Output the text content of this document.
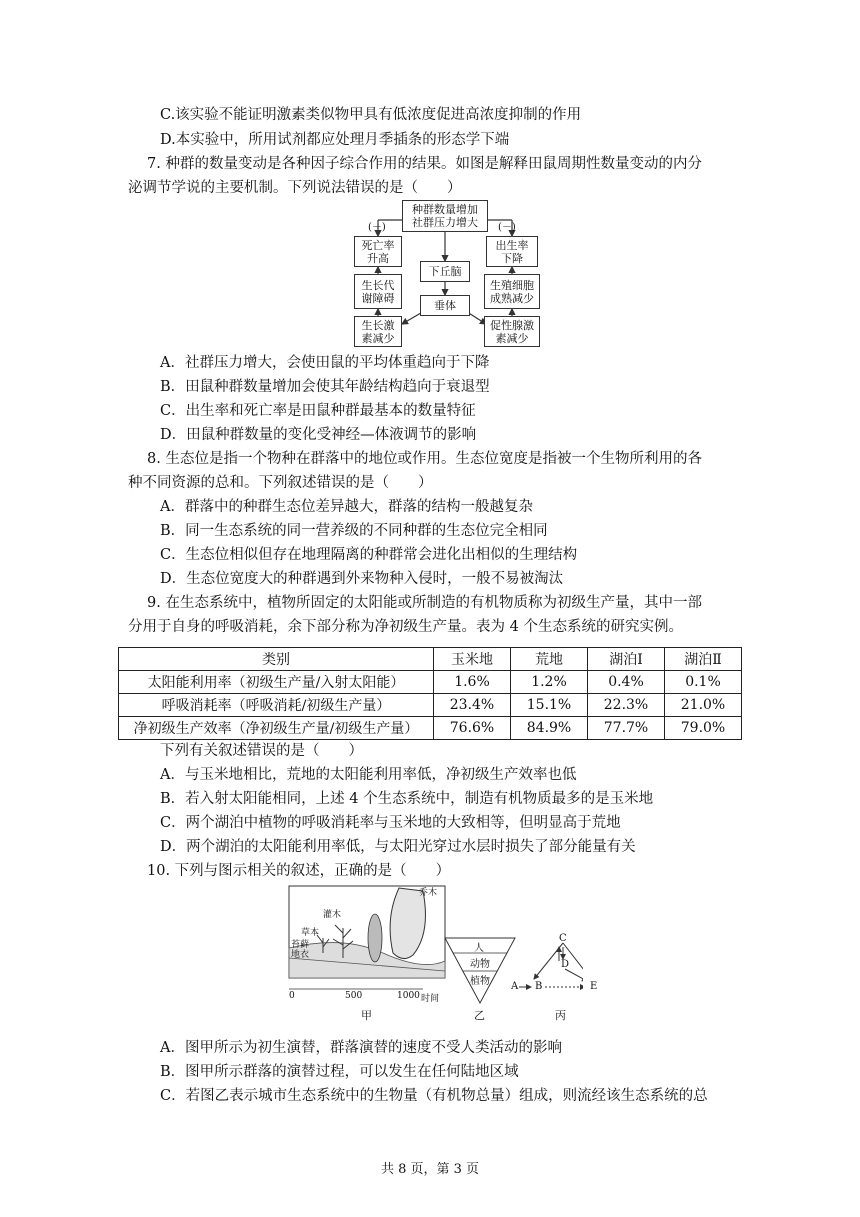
C.该实验不能证明激素类似物甲具有低浓度促进高浓度抑制的作用
D.本实验中，所用试剂都应处理月季插条的形态学下端
7. 种群的数量变动是各种因子综合作用的结果。如图是解释田鼠周期性数量变动的内分
泌调节学说的主要机制。下列说法错误的是（　　）
种群数量增加
社群压力增大
(－)	(－)
死亡率
升高
出生率
下降
下丘脑
生长代
谢障碍
生殖细胞
成熟减少
垂体
生长激
素减少
促性腺激
素减少
A．社群压力增大，会使田鼠的平均体重趋向于下降
B．田鼠种群数量增加会使其年龄结构趋向于衰退型
C．出生率和死亡率是田鼠种群最基本的数量特征
D．田鼠种群数量的变化受神经—体液调节的影响
8. 生态位是指一个物种在群落中的地位或作用。生态位宽度是指被一个生物所利用的各
种不同资源的总和。下列叙述错误的是（　　）
A．群落中的种群生态位差异越大，群落的结构一般越复杂
B．同一生态系统的同一营养级的不同种群的生态位完全相同
C．生态位相似但存在地理隔离的种群常会进化出相似的生理结构
D．生态位宽度大的种群遇到外来物种入侵时，一般不易被淘汰
9. 在生态系统中，植物所固定的太阳能或所制造的有机物质称为初级生产量，其中一部
分用于自身的呼吸消耗，余下部分称为净初级生产量。表为 4 个生态系统的研究实例。
类别	玉米地	荒地	湖泊Ⅰ	湖泊Ⅱ
太阳能利用率（初级生产量/入射太阳能）	1.6%	1.2%	0.4%	0.1%
呼吸消耗率（呼吸消耗/初级生产量）	23.4%	15.1%	22.3%	21.0%
净初级生产效率（净初级生产量/初级生产量）	76.6%	84.9%	77.7%	79.0%
下列有关叙述错误的是（　　）
A．与玉米地相比，荒地的太阳能利用率低，净初级生产效率也低
B．若入射太阳能相同，上述 4 个生态系统中，制造有机物质最多的是玉米地
C．两个湖泊中植物的呼吸消耗率与玉米地的大致相等，但明显高于荒地
D．两个湖泊的太阳能利用率低，与太阳光穿过水层时损失了部分能量有关
10. 下列与图示相关的叙述，正确的是（　　）
乔木
灌木
草本
苔藓
地衣
0	500	1000 时间
甲	乙	丙
人
动物
植物
C
D
A B	E
A．图甲所示为初生演替，群落演替的速度不受人类活动的影响
B．图甲所示群落的演替过程，可以发生在任何陆地区域
C．若图乙表示城市生态系统中的生物量（有机物总量）组成，则流经该生态系统的总
共 8 页，第 3 页
